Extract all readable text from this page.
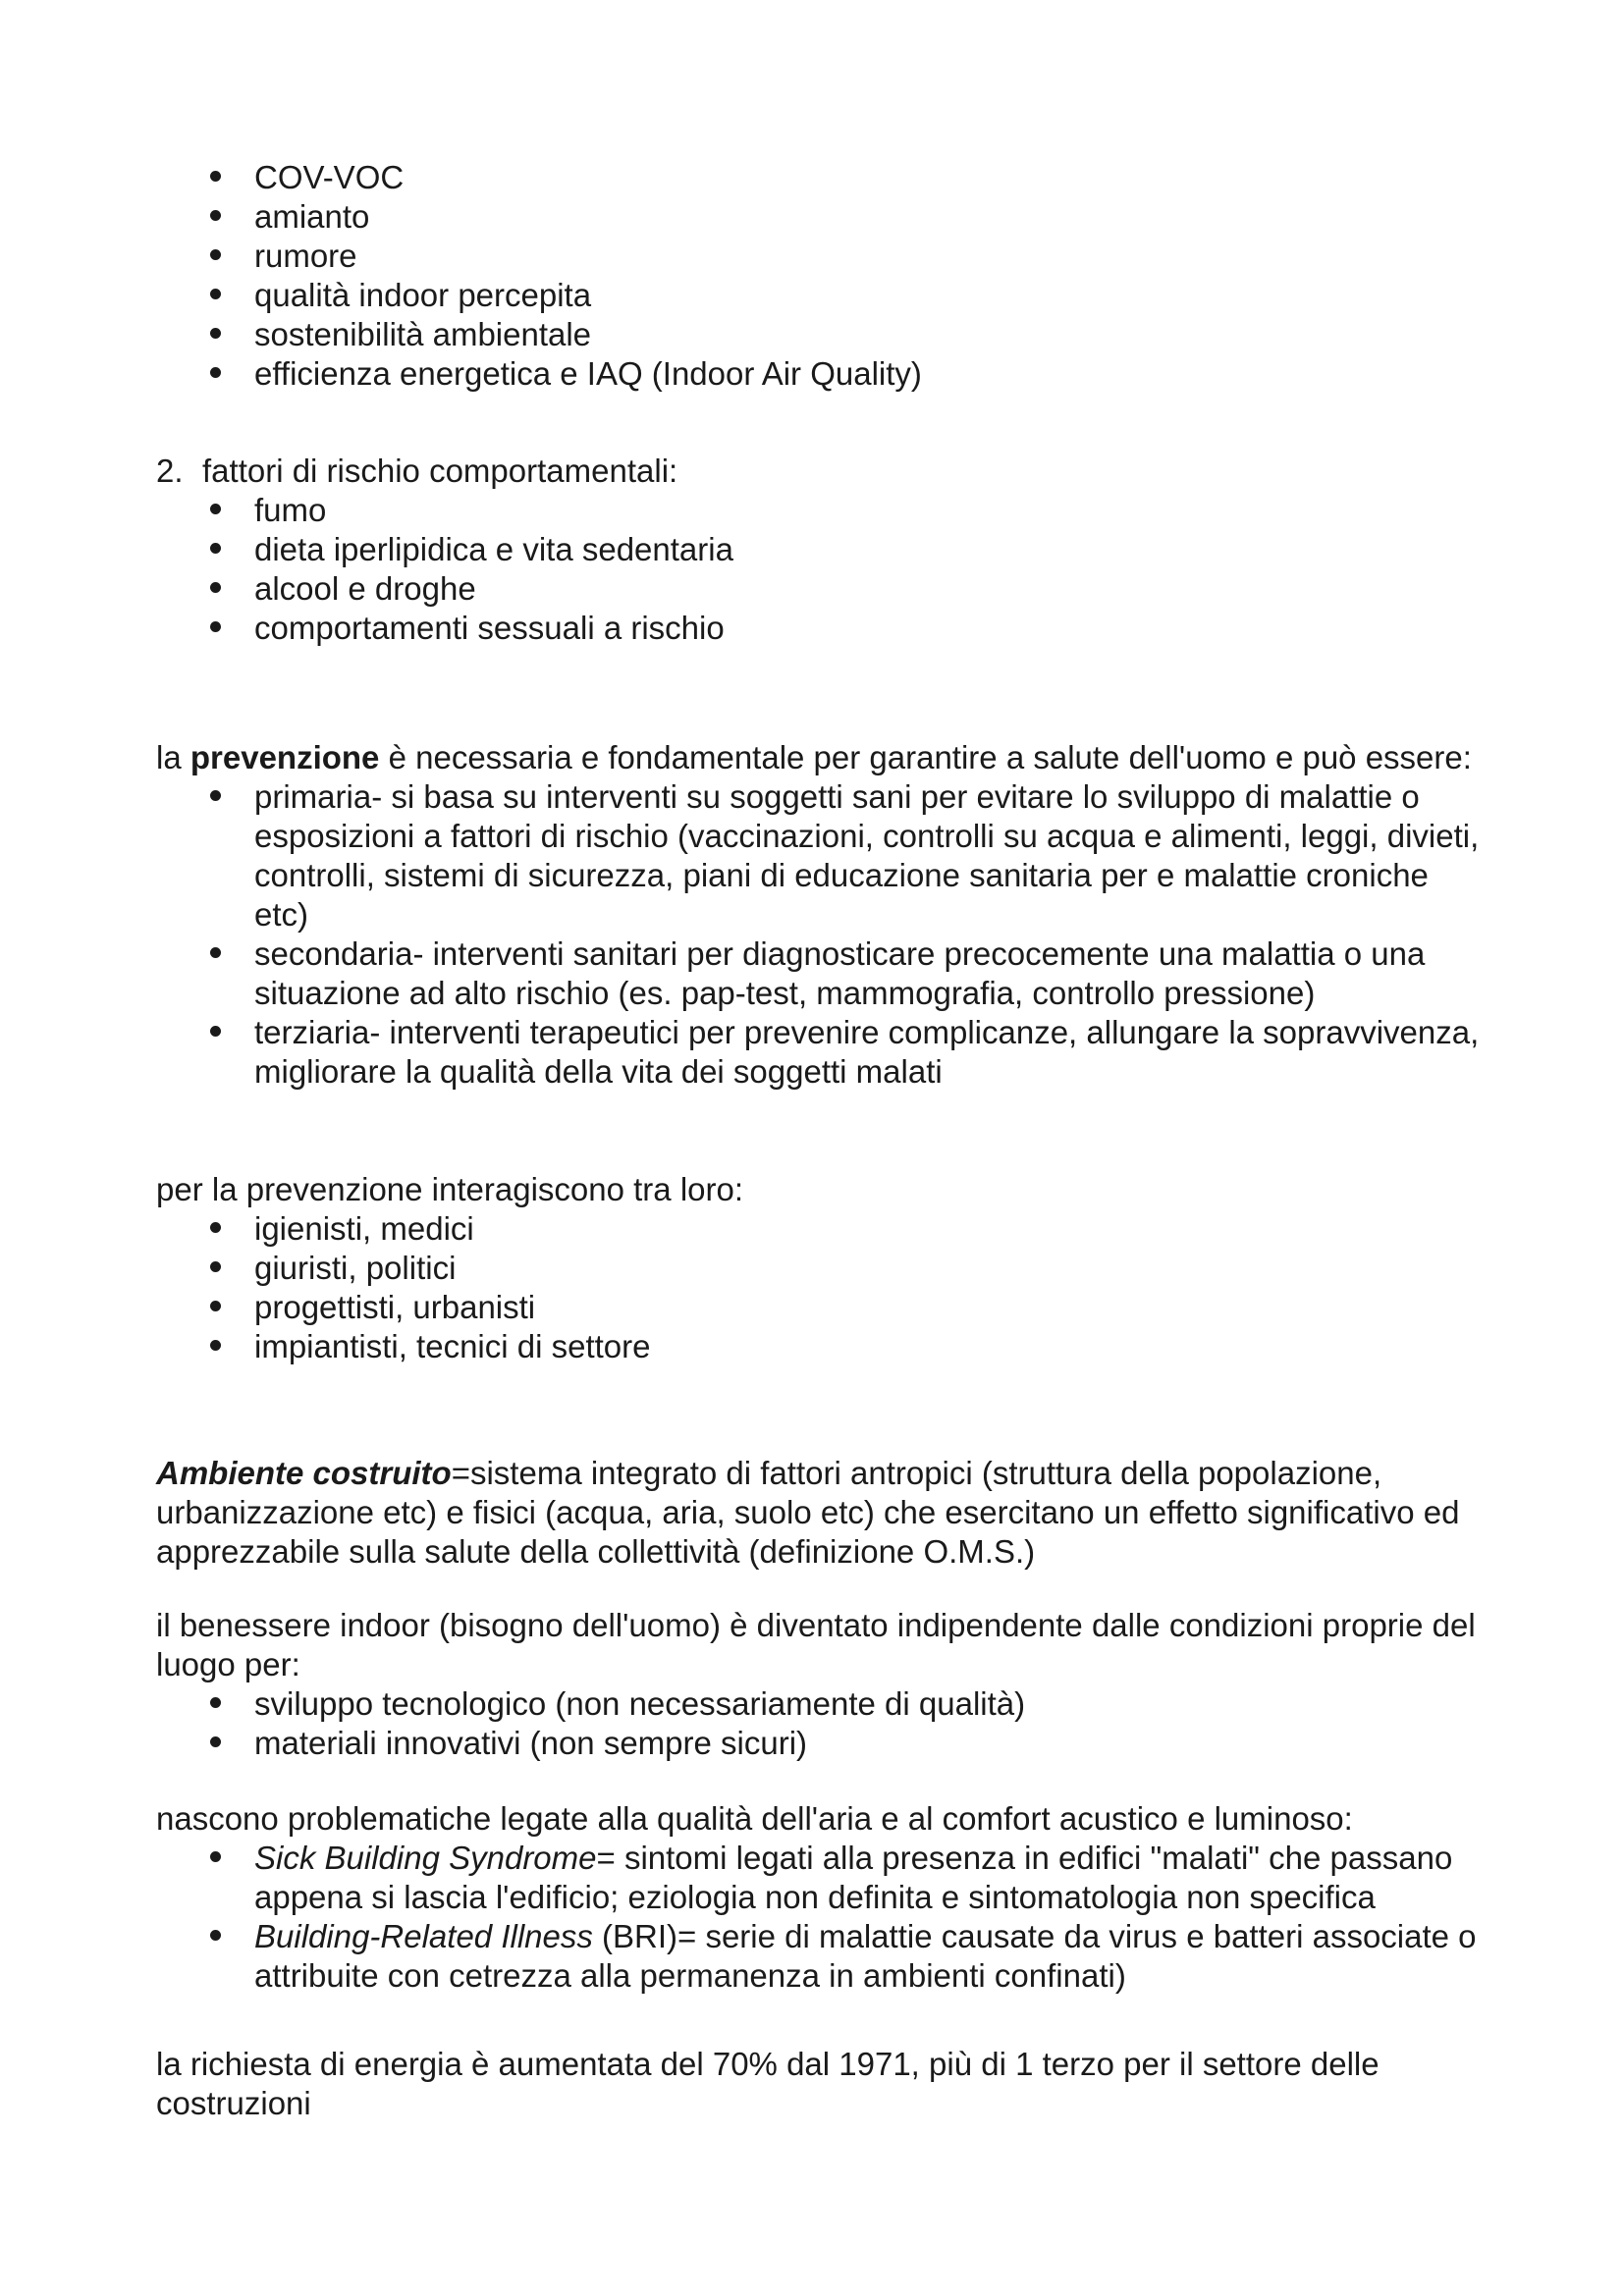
COV-VOC
amianto
rumore
qualità indoor percepita
sostenibilità ambientale
efficienza energetica e IAQ (Indoor Air Quality)

2. fattori di rischio comportamentali:

fumo
dieta iperlipidica e vita sedentaria
alcool e droghe
comportamenti sessuali a rischio

la prevenzione è necessaria e fondamentale per garantire a salute dell'uomo e può essere:

primaria- si basa su interventi su soggetti sani per evitare lo sviluppo di malattie o esposizioni a fattori di rischio (vaccinazioni, controlli su acqua e alimenti, leggi, divieti, controlli, sistemi di sicurezza, piani di educazione sanitaria per e malattie croniche etc)
secondaria- interventi sanitari per diagnosticare precocemente una malattia o una situazione ad alto rischio (es. pap-test, mammografia, controllo pressione)
terziaria- interventi terapeutici per prevenire complicanze, allungare la sopravvivenza, migliorare la qualità della vita dei soggetti malati

per la prevenzione interagiscono tra loro:

igienisti, medici
giuristi, politici
progettisti, urbanisti
impiantisti, tecnici di settore

Ambiente costruito=sistema integrato di fattori antropici (struttura della popolazione, urbanizzazione etc) e fisici (acqua, aria, suolo etc) che esercitano un effetto significativo ed apprezzabile sulla salute della collettività (definizione O.M.S.)

il benessere indoor (bisogno dell'uomo) è diventato indipendente dalle condizioni proprie del luogo per:

sviluppo tecnologico (non necessariamente di qualità)
materiali innovativi (non sempre sicuri)

nascono problematiche legate alla qualità dell'aria e al comfort acustico e luminoso:

Sick Building Syndrome= sintomi legati alla presenza in edifici "malati" che passano appena si lascia l'edificio; eziologia non definita e sintomatologia non specifica
Building-Related Illness (BRI)= serie di malattie causate da virus e batteri associate o attribuite con cetrezza alla permanenza in ambienti confinati)

la richiesta di energia è aumentata del 70% dal 1971, più di 1 terzo per il settore delle costruzioni
